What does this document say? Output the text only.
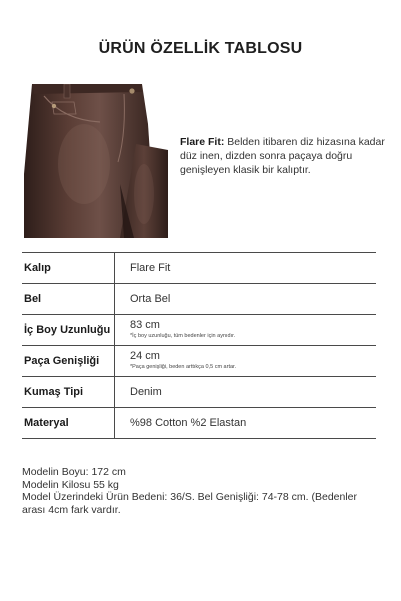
ÜRÜN ÖZELLİK TABLOSU
Flare Fit: Belden itibaren diz hizasına kadar düz inen, dizden sonra paçaya doğru genişleyen klasik bir kalıptır.
Kalıp	Flare Fit
Bel	Orta Bel
İç Boy Uzunluğu 83 cm
*İç boy uzunluğu, tüm bedenler için aynıdır.
Paça Genişliği	24 cm
*Paça genişliği, beden arttıkça 0,5 cm artar.
Kumaş Tipi	Denim
Materyal	%98 Cotton %2 Elastan
Modelin Boyu: 172 cm
Modelin Kilosu 55 kg
Model Üzerindeki Ürün Bedeni: 36/S. Bel Genişliği: 74-78 cm. (Bedenler
arası 4cm fark vardır.
